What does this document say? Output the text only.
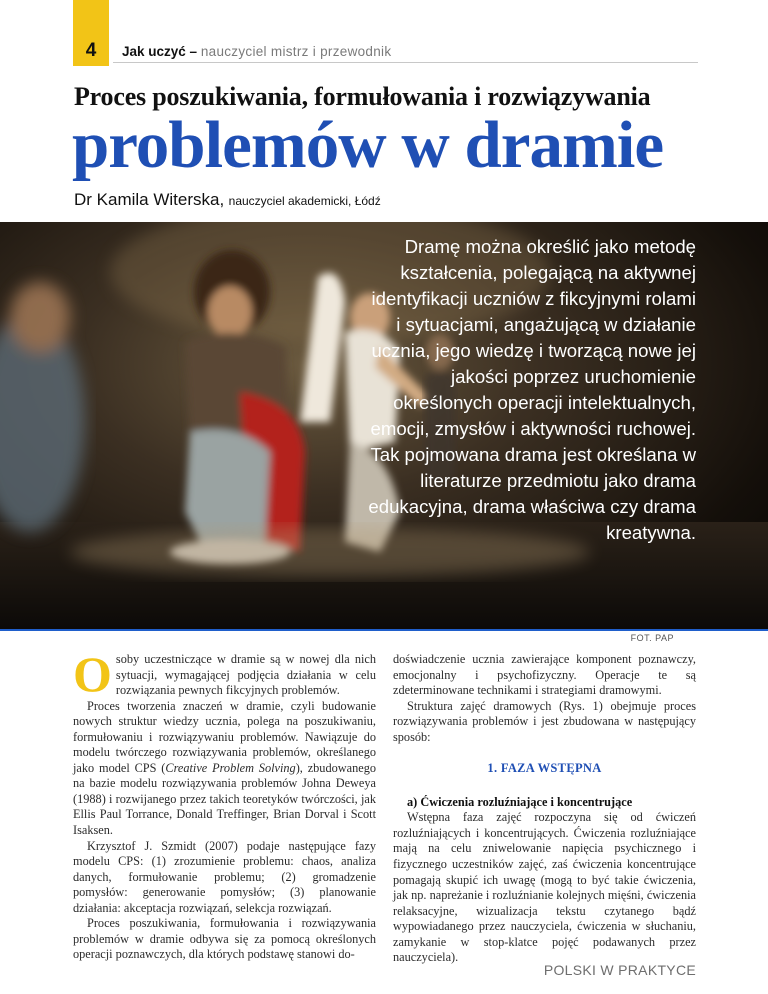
4 Jak uczyć – nauczyciel mistrz i przewodnik
Proces poszukiwania, formułowania i rozwiązywania
problemów w dramie
Dr Kamila Witerska, nauczyciel akademicki, Łódź
Dramę można określić jako metodę kształcenia, polegającą na aktywnej identyfikacji uczniów z fikcyjnymi rolami i sytuacjami, angażującą w działanie ucznia, jego wiedzę i tworzącą nowe jej jakości poprzez uruchomienie określonych operacji intelektualnych, emocji, zmysłów i aktywności ruchowej. Tak pojmowana drama jest określana w literaturze przedmiotu jako drama edukacyjna, drama właściwa czy drama kreatywna.
FOT. PAP

Osoby uczestniczące w dramie są w nowej dla nich sytuacji, wymagającej podjęcia działania w celu rozwiązania pewnych fikcyjnych problemów.

Proces tworzenia znaczeń w dramie, czyli budowanie nowych struktur wiedzy ucznia, polega na poszukiwaniu, formułowaniu i rozwiązywaniu problemów. Nawiązuje do modelu twórczego rozwiązywania problemów, określanego jako model CPS (Creative Problem Solving), zbudowanego na bazie modelu rozwiązywania problemów Johna Deweya (1988) i rozwijanego przez takich teoretyków twórczości, jak Ellis Paul Torrance, Donald Treffinger, Brian Dorval i Scott Isaksen.

Krzysztof J. Szmidt (2007) podaje następujące fazy modelu CPS: (1) zrozumienie problemu: chaos, analiza danych, formułowanie problemu; (2) gromadzenie pomysłów: generowanie pomysłów; (3) planowanie działania: akceptacja rozwiązań, selekcja rozwiązań.

Proces poszukiwania, formułowania i rozwiązywania problemów w dramie odbywa się za pomocą określonych operacji poznawczych, dla których podstawę stanowi do-

doświadczenie ucznia zawierające komponent poznawczy, emocjonalny i psychofizyczny. Operacje te są zdeterminowane technikami i strategiami dramowymi.

Struktura zajęć dramowych (Rys. 1) obejmuje proces rozwiązywania problemów i jest zbudowana w następujący sposób:

1. FAZA WSTĘPNA

a) Ćwiczenia rozluźniające i koncentrujące

Wstępna faza zajęć rozpoczyna się od ćwiczeń rozluźniających i koncentrujących. Ćwiczenia rozluźniające mają na celu zniwelowanie napięcia psychicznego i fizycznego uczestników zajęć, zaś ćwiczenia koncentrujące pomagają skupić ich uwagę (mogą to być takie ćwiczenia, jak np. napreżanie i rozluźnianie kolejnych mięśni, ćwiczenia relaksacyjne, wizualizacja tekstu czytanego bądź wypowiadanego przez nauczyciela, ćwiczenia w słuchaniu, zamykanie w stop-klatce pojęć podawanych przez nauczyciela).

POLSKI W PRAKTYCE
